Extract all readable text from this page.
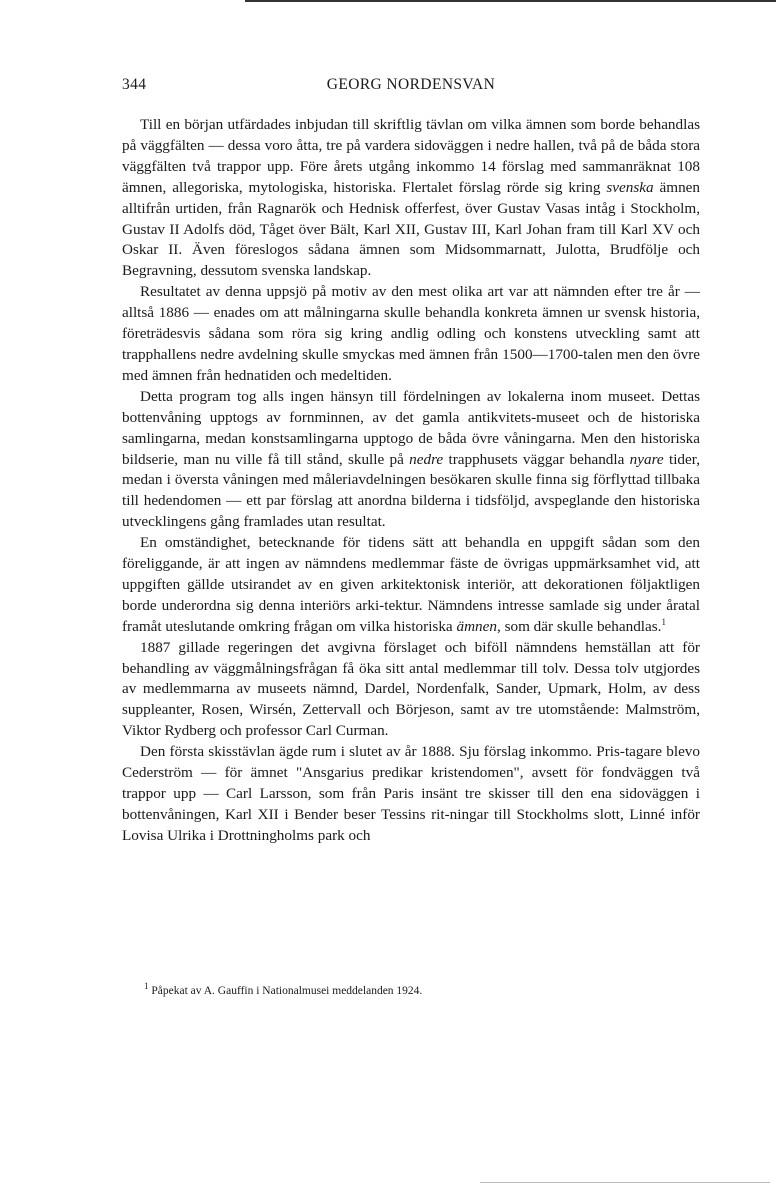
344	GEORG NORDENSVAN

Till en början utfärdades inbjudan till skriftlig tävlan om vilka ämnen som borde behandlas på väggfälten — dessa voro åtta, tre på vardera sidoväggen i nedre hallen, två på de båda stora väggfälten två trappor upp. Före årets utgång inkommo 14 förslag med sammanräknat 108 ämnen, allegoriska, mytologiska, historiska. Flertalet förslag rörde sig kring svenska ämnen alltifrån urtiden, från Ragnarök och Hednisk offerfest, över Gustav Vasas intåg i Stockholm, Gustav II Adolfs död, Tåget över Bält, Karl XII, Gustav III, Karl Johan fram till Karl XV och Oskar II. Även föreslogos sådana ämnen som Midsommarnatt, Julotta, Brudfölje och Begravning, dessutom svenska landskap.

Resultatet av denna uppsjö på motiv av den mest olika art var att nämnden efter tre år — alltså 1886 — enades om att målningarna skulle behandla konkreta ämnen ur svensk historia, företrädesvis sådana som röra sig kring andlig odling och konstens utveckling samt att trapphallens nedre avdelning skulle smyckas med ämnen från 1500—1700-talen men den övre med ämnen från hednatiden och medeltiden.

Detta program tog alls ingen hänsyn till fördelningen av lokalerna inom museet. Dettas bottenvåning upptogs av fornminnen, av det gamla antikvitets-museet och de historiska samlingarna, medan konstsamlingarna upptogo de båda övre våningarna. Men den historiska bildserie, man nu ville få till stånd, skulle på nedre trapphusets väggar behandla nyare tider, medan i översta våningen med måleriavdelningen besökaren skulle finna sig förflyttad tillbaka till hedendomen — ett par förslag att anordna bilderna i tidsföljd, avspeglande den historiska utvecklingens gång framlades utan resultat.

En omständighet, betecknande för tidens sätt att behandla en uppgift sådan som den föreliggande, är att ingen av nämndens medlemmar fäste de övrigas uppmärksamhet vid, att uppgiften gällde utsirandet av en given arkitektonisk interiör, att dekorationen följaktligen borde underordna sig denna interiörs arki-tektur. Nämndens intresse samlade sig under åratal framåt uteslutande omkring frågan om vilka historiska ämnen, som där skulle behandlas.$^1$

1887 gillade regeringen det avgivna förslaget och biföll nämndens hemställan att för behandling av väggmålningsfrågan få öka sitt antal medlemmar till tolv. Dessa tolv utgjordes av medlemmarna av museets nämnd, Dardel, Nordenfalk, Sander, Upmark, Holm, av dess suppleanter, Rosen, Wirsén, Zettervall och Börjeson, samt av tre utomstående: Malmström, Viktor Rydberg och professor Carl Curman.

Den första skisstävlan ägde rum i slutet av år 1888. Sju förslag inkommo. Pris-tagare blevo Cederström — för ämnet "Ansgarius predikar kristendomen", avsett för fondväggen två trappor upp — Carl Larsson, som från Paris insänt tre skisser till den ena sidoväggen i bottenvåningen, Karl XII i Bender beser Tessins rit-ningar till Stockholms slott, Linné inför Lovisa Ulrika i Drottningholms park och

$^1$ Påpekat av A. Gauffin i Nationalmusei meddelanden 1924.
